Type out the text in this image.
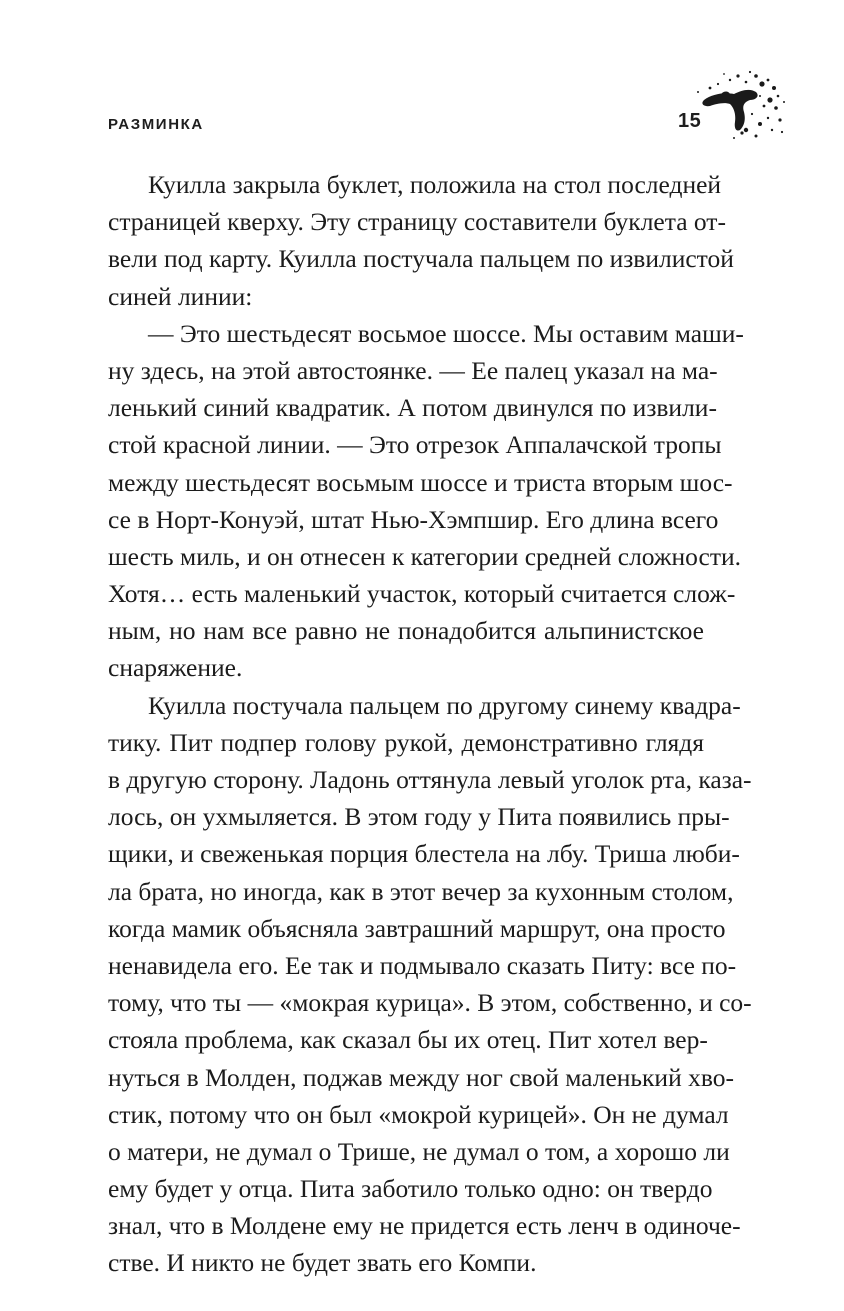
РАЗМИНКА	15
Куилла закрыла буклет, положила на стол последней
страницей кверху. Эту страницу составители буклета от-
вели под карту. Куилла постучала пальцем по извилистой
синей линии:
— Это шестьдесят восьмое шоссе. Мы оставим маши-
ну здесь, на этой автостоянке. — Ее палец указал на ма-
ленький синий квадратик. А потом двинулся по извили-
стой красной линии. — Это отрезок Аппалачской тропы
между шестьдесят восьмым шоссе и триста вторым шос-
се в Норт-Конуэй, штат Нью-Хэмпшир. Его длина всего
шесть миль, и он отнесен к категории средней сложности.
Хотя… есть маленький участок, который считается слож-
ным, но нам все равно не понадобится альпинистское
снаряжение.
Куилла постучала пальцем по другому синему квадра-
тику. Пит подпер голову рукой, демонстративно глядя
в другую сторону. Ладонь оттянула левый уголок рта, каза-
лось, он ухмыляется. В этом году у Пита появились пры-
щики, и свеженькая порция блестела на лбу. Триша люби-
ла брата, но иногда, как в этот вечер за кухонным столом,
когда мамик объясняла завтрашний маршрут, она просто
ненавидела его. Ее так и подмывало сказать Питу: все по-
тому, что ты — «мокрая курица». В этом, собственно, и со-
стояла проблема, как сказал бы их отец. Пит хотел вер-
нуться в Молден, поджав между ног свой маленький хво-
стик, потому что он был «мокрой курицей». Он не думал
о матери, не думал о Трише, не думал о том, а хорошо ли
ему будет у отца. Пита заботило только одно: он твердо
знал, что в Молдене ему не придется есть ленч в одиноче-
стве. И никто не будет звать его Компи.
